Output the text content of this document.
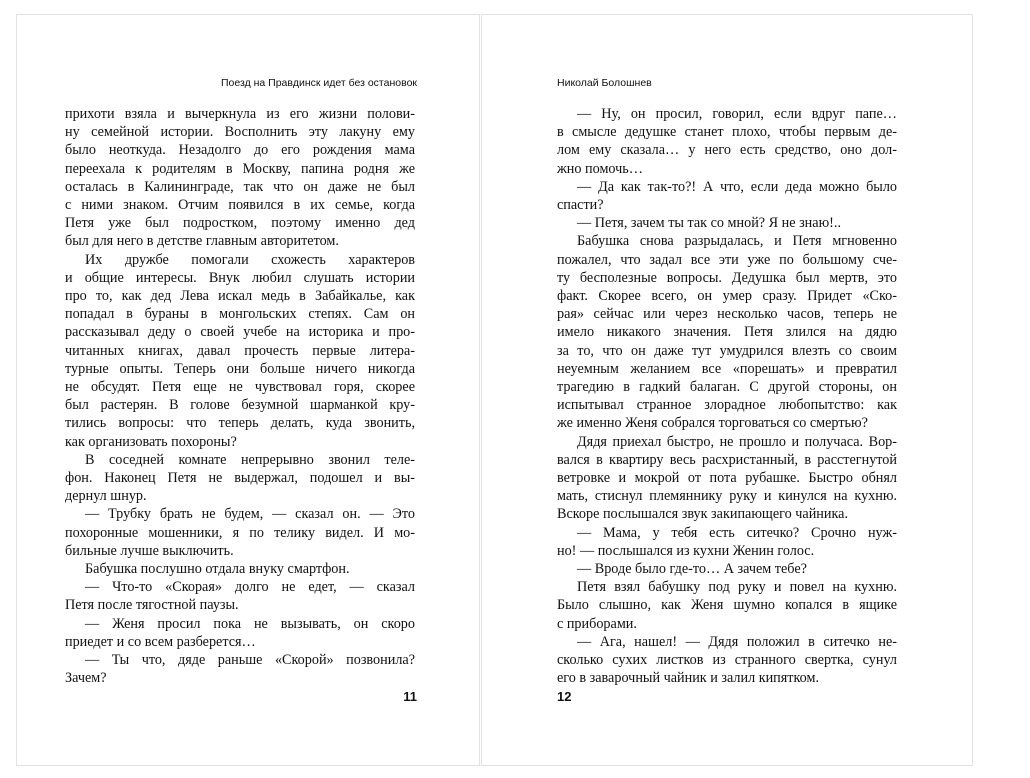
Поезд на Правдинск идет без остановок
прихоти взяла и вычеркнула из его жизни полови-
ну семейной истории. Восполнить эту лакуну ему
было неоткуда. Незадолго до его рождения мама
переехала к родителям в Москву, папина родня же
осталась в Калининграде, так что он даже не был
с ними знаком. Отчим появился в их семье, когда
Петя уже был подростком, поэтому именно дед
был для него в детстве главным авторитетом.
Их дружбе помогали схожесть характеров
и общие интересы. Внук любил слушать истории
про то, как дед Лева искал медь в Забайкалье, как
попадал в бураны в монгольских степях. Сам он
рассказывал деду о своей учебе на историка и про-
читанных книгах, давал прочесть первые литера-
турные опыты. Теперь они больше ничего никогда
не обсудят. Петя еще не чувствовал горя, скорее
был растерян. В голове безумной шарманкой кру-
тились вопросы: что теперь делать, куда звонить,
как организовать похороны?
В соседней комнате непрерывно звонил теле-
фон. Наконец Петя не выдержал, подошел и вы-
дернул шнур.
— Трубку брать не будем, — сказал он. — Это
похоронные мошенники, я по телику видел. И мо-
бильные лучше выключить.
Бабушка послушно отдала внуку смартфон.
— Что-то «Скорая» долго не едет, — сказал
Петя после тягостной паузы.
— Женя просил пока не вызывать, он скоро
приедет и со всем разберется…
— Ты что, дяде раньше «Скорой» позвонила?
Зачем?
11
Николай Болошнев
— Ну, он просил, говорил, если вдруг папе…
в смысле дедушке станет плохо, чтобы первым де-
лом ему сказала… у него есть средство, оно дол-
жно помочь…
— Да как так-то?! А что, если деда можно было
спасти?
— Петя, зачем ты так со мной? Я не знаю!..
Бабушка снова разрыдалась, и Петя мгновенно
пожалел, что задал все эти уже по большому сче-
ту бесполезные вопросы. Дедушка был мертв, это
факт. Скорее всего, он умер сразу. Придет «Ско-
рая» сейчас или через несколько часов, теперь не
имело никакого значения. Петя злился на дядю
за то, что он даже тут умудрился влезть со своим
неуемным желанием все «порешать» и превратил
трагедию в гадкий балаган. С другой стороны, он
испытывал странное злорадное любопытство: как
же именно Женя собрался торговаться со смертью?
Дядя приехал быстро, не прошло и получаса. Вор-
вался в квартиру весь расхристанный, в расстегнутой
ветровке и мокрой от пота рубашке. Быстро обнял
мать, стиснул племяннику руку и кинулся на кухню.
Вскоре послышался звук закипающего чайника.
— Мама, у тебя есть ситечко? Срочно нуж-
но! — послышался из кухни Женин голос.
— Вроде было где-то… А зачем тебе?
Петя взял бабушку под руку и повел на кухню.
Было слышно, как Женя шумно копался в ящике
с приборами.
— Ага, нашел! — Дядя положил в ситечко не-
сколько сухих листков из странного свертка, сунул
его в заварочный чайник и залил кипятком.
12
